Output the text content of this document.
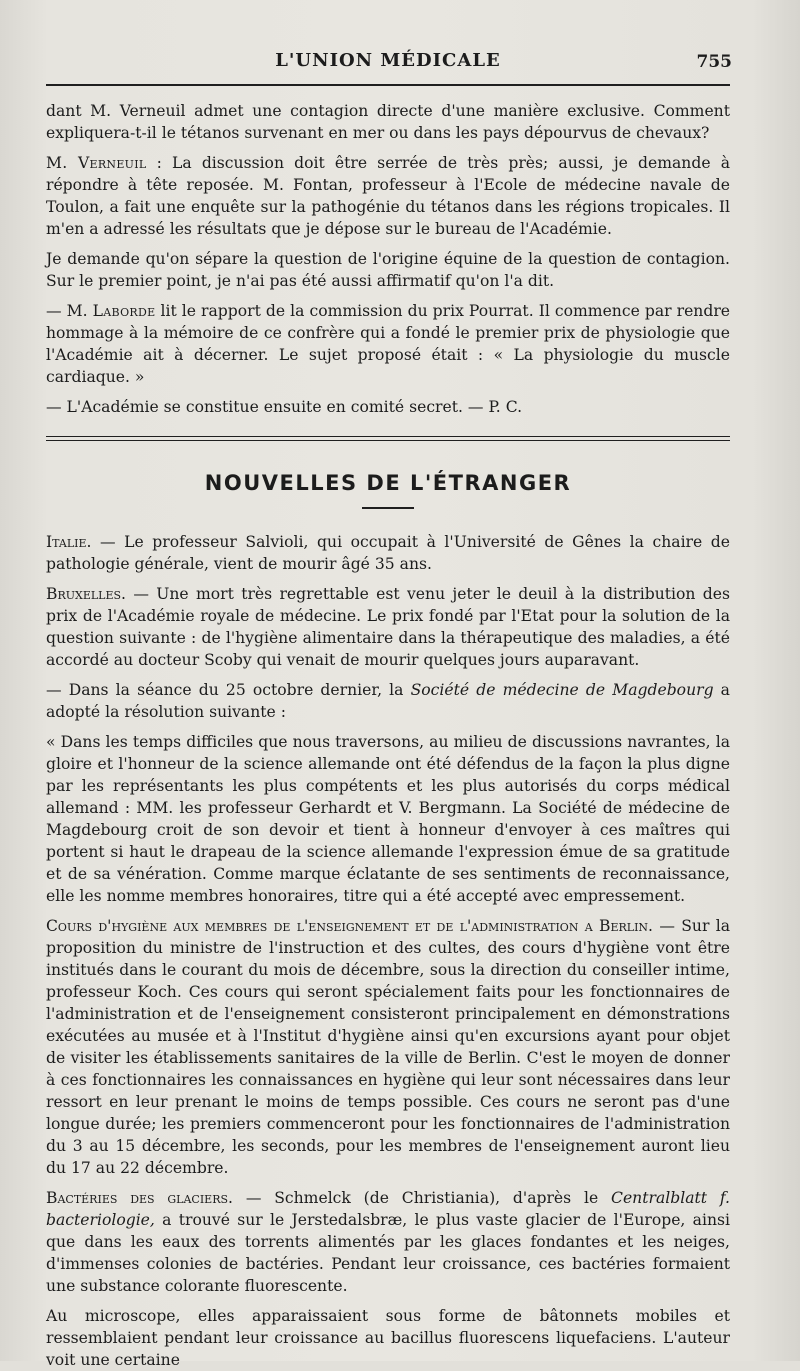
L'UNION MÉDICALE	755

dant M. Verneuil admet une contagion directe d'une manière exclusive. Comment expliquera-t-il le tétanos survenant en mer ou dans les pays dépourvus de chevaux?

M. Verneuil : La discussion doit être serrée de très près; aussi, je demande à répondre à tête reposée. M. Fontan, professeur à l'Ecole de médecine navale de Toulon, a fait une enquête sur la pathogénie du tétanos dans les régions tropicales. Il m'en a adressé les résultats que je dépose sur le bureau de l'Académie.

Je demande qu'on sépare la question de l'origine équine de la question de contagion. Sur le premier point, je n'ai pas été aussi affirmatif qu'on l'a dit.

— M. Laborde lit le rapport de la commission du prix Pourrat. Il commence par rendre hommage à la mémoire de ce confrère qui a fondé le premier prix de physiologie que l'Académie ait à décerner. Le sujet proposé était : « La physiologie du muscle cardiaque. »

— L'Académie se constitue ensuite en comité secret. — P. C.

NOUVELLES DE L'ÉTRANGER

Italie. — Le professeur Salvioli, qui occupait à l'Université de Gênes la chaire de pathologie générale, vient de mourir âgé 35 ans.

Bruxelles. — Une mort très regrettable est venu jeter le deuil à la distribution des prix de l'Académie royale de médecine. Le prix fondé par l'Etat pour la solution de la question suivante : de l'hygiène alimentaire dans la thérapeutique des maladies, a été accordé au docteur Scoby qui venait de mourir quelques jours auparavant.

— Dans la séance du 25 octobre dernier, la Société de médecine de Magdebourg a adopté la résolution suivante :

« Dans les temps difficiles que nous traversons, au milieu de discussions navrantes, la gloire et l'honneur de la science allemande ont été défendus de la façon la plus digne par les représentants les plus compétents et les plus autorisés du corps médical allemand : MM. les professeur Gerhardt et V. Bergmann. La Société de médecine de Magdebourg croit de son devoir et tient à honneur d'envoyer à ces maîtres qui portent si haut le drapeau de la science allemande l'expression émue de sa gratitude et de sa vénération. Comme marque éclatante de ses sentiments de reconnaissance, elle les nomme membres honoraires, titre qui a été accepté avec empressement.

Cours d'hygiène aux membres de l'enseignement et de l'administration a Berlin. — Sur la proposition du ministre de l'instruction et des cultes, des cours d'hygiène vont être institués dans le courant du mois de décembre, sous la direction du conseiller intime, professeur Koch. Ces cours qui seront spécialement faits pour les fonctionnaires de l'administration et de l'enseignement consisteront principalement en démonstrations exécutées au musée et à l'Institut d'hygiène ainsi qu'en excursions ayant pour objet de visiter les établissements sanitaires de la ville de Berlin. C'est le moyen de donner à ces fonctionnaires les connaissances en hygiène qui leur sont nécessaires dans leur ressort en leur prenant le moins de temps possible. Ces cours ne seront pas d'une longue durée; les premiers commenceront pour les fonctionnaires de l'administration du 3 au 15 décembre, les seconds, pour les membres de l'enseignement auront lieu du 17 au 22 décembre.

Bactéries des glaciers. — Schmelck (de Christiania), d'après le Centralblatt f. bacteriologie, a trouvé sur le Jerstedalsbræ, le plus vaste glacier de l'Europe, ainsi que dans les eaux des torrents alimentés par les glaces fondantes et les neiges, d'immenses colonies de bactéries. Pendant leur croissance, ces bactéries formaient une substance colorante fluorescente.

Au microscope, elles apparaissaient sous forme de bâtonnets mobiles et ressemblaient pendant leur croissance au bacillus fluorescens liquefaciens. L'auteur voit une certaine
